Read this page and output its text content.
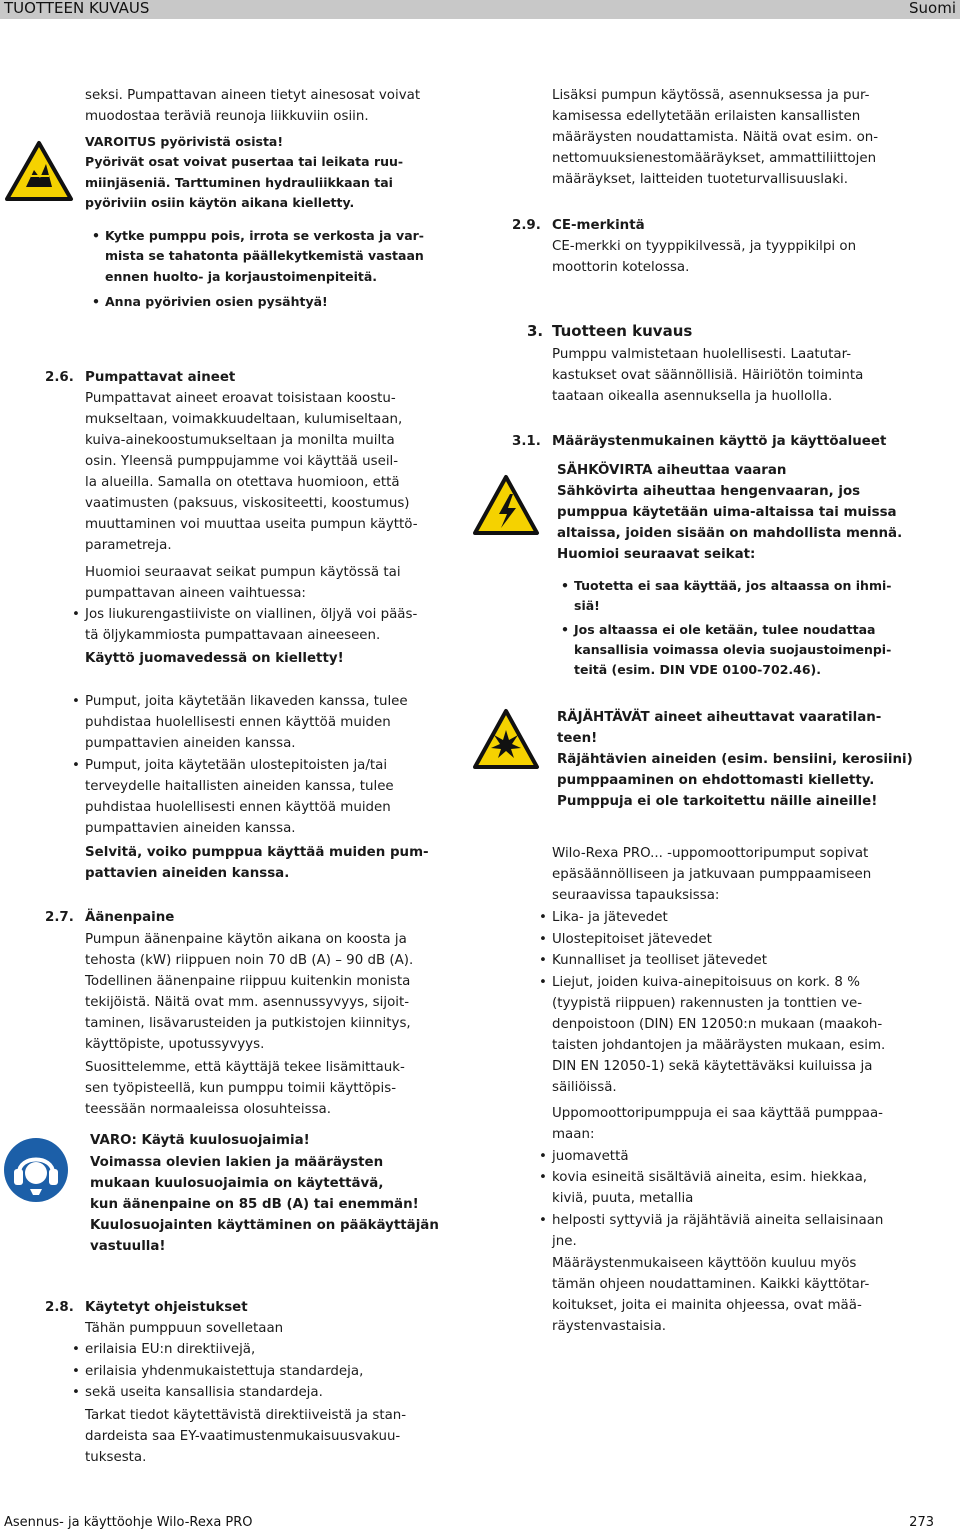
TUOTTEEN KUVAUS	Suomi
Asennus- ja käyttöohje Wilo-Rexa PRO	273
seksi. Pumpattavan aineen tietyt ainesosat voivat
muodostaa teräviä reunoja liikkuviin osiin.
VAROITUS pyörivistä osista!
Pyörivät osat voivat pusertaa tai leikata ruu-
miinjäseniä. Tarttuminen hydrauliikkaan tai
pyöriviin osiin käytön aikana kielletty.
• Kytke pumppu pois, irrota se verkosta ja var-
mista se tahatonta päällekytkemistä vastaan
ennen huolto- ja korjaustoimenpiteitä.
• Anna pyörivien osien pysähtyä!
2.6. Pumpattavat aineet
Pumpattavat aineet eroavat toisistaan koostu-
mukseltaan, voimakkuudeltaan, kulumiseltaan,
kuiva-ainekoostumukseltaan ja monilta muilta
osin. Yleensä pumppujamme voi käyttää useil-
la alueilla. Samalla on otettava huomioon, että
vaatimusten (paksuus, viskositeetti, koostumus)
muuttaminen voi muuttaa useita pumpun käyttö-
parametreja.
Huomioi seuraavat seikat pumpun käytössä tai
pumpattavan aineen vaihtuessa:
• Jos liukurengastiiviste on viallinen, öljyä voi pääs-
tä öljykammiosta pumpattavaan aineeseen.
Käyttö juomavedessä on kielletty!
• Pumput, joita käytetään likaveden kanssa, tulee
puhdistaa huolellisesti ennen käyttöä muiden
pumpattavien aineiden kanssa.
• Pumput, joita käytetään ulostepitoisten ja/tai
terveydelle haitallisten aineiden kanssa, tulee
puhdistaa huolellisesti ennen käyttöä muiden
pumpattavien aineiden kanssa.
Selvitä, voiko pumppua käyttää muiden pum-
pattavien aineiden kanssa.
2.7. Äänenpaine
Pumpun äänenpaine käytön aikana on koosta ja
tehosta (kW) riippuen noin 70 dB (A) – 90 dB (A).
Todellinen äänenpaine riippuu kuitenkin monista
tekijöistä. Näitä ovat mm. asennussyvyys, sijoit-
taminen, lisävarusteiden ja putkistojen kiinnitys,
käyttöpiste, upotussyvyys.
Suosittelemme, että käyttäjä tekee lisämittauk-
sen työpisteellä, kun pumppu toimii käyttöpis-
teessään normaaleissa olosuhteissa.
VARO: Käytä kuulosuojaimia!
Voimassa olevien lakien ja määräysten
mukaan kuulosuojaimia on käytettävä,
kun äänenpaine on 85 dB (A) tai enemmän!
Kuulosuojainten käyttäminen on pääkäyttäjän
vastuulla!
2.8. Käytetyt ohjeistukset
Tähän pumppuun sovelletaan
• erilaisia EU:n direktiivejä,
• erilaisia yhdenmukaistettuja standardeja,
• sekä useita kansallisia standardeja.
Tarkat tiedot käytettävistä direktiiveistä ja stan-
dardeista saa EY-vaatimustenmukaisuusvakuu-
tuksesta.
Lisäksi pumpun käytössä, asennuksessa ja pur-
kamisessa edellytetään erilaisten kansallisten
määräysten noudattamista. Näitä ovat esim. on-
nettomuuksienestomääräykset, ammattiliittojen
määräykset, laitteiden tuoteturvallisuuslaki.
2.9. CE-merkintä
CE-merkki on tyyppikilvessä, ja tyyppikilpi on
moottorin kotelossa.
3. Tuotteen kuvaus
Pumppu valmistetaan huolellisesti. Laatutar-
kastukset ovat säännöllisiä. Häiriötön toiminta
taataan oikealla asennuksella ja huollolla.
3.1. Määräystenmukainen käyttö ja käyttöalueet
SÄHKÖVIRTA aiheuttaa vaaran
Sähkövirta aiheuttaa hengenvaaran, jos
pumppua käytetään uima-altaissa tai muissa
altaissa, joiden sisään on mahdollista mennä.
Huomioi seuraavat seikat:
• Tuotetta ei saa käyttää, jos altaassa on ihmi-
siä!
• Jos altaassa ei ole ketään, tulee noudattaa
kansallisia voimassa olevia suojaustoimenpi-
teitä (esim. DIN VDE 0100-702.46).
RÄJÄHTÄVÄT aineet aiheuttavat vaaratilan-
teen!
Räjähtävien aineiden (esim. bensiini, kerosiini)
pumppaaminen on ehdottomasti kielletty.
Pumppuja ei ole tarkoitettu näille aineille!
Wilo-Rexa PRO... -uppomoottoripumput sopivat
epäsäännölliseen ja jatkuvaan pumppaamiseen
seuraavissa tapauksissa:
• Lika- ja jätevedet
• Ulostepitoiset jätevedet
• Kunnalliset ja teolliset jätevedet
• Liejut, joiden kuiva-ainepitoisuus on kork. 8 %
(tyypistä riippuen) rakennusten ja tonttien ve-
denpoistoon (DIN) EN 12050:n mukaan (maakoh-
taisten johdantojen ja määräysten mukaan, esim.
DIN EN 12050-1) sekä käytettäväksi kuiluissa ja
säiliöissä.
Uppomoottoripumppuja ei saa käyttää pumppaa-
maan:
• juomavettä
• kovia esineitä sisältäviä aineita, esim. hiekkaa,
kiviä, puuta, metallia
• helposti syttyviä ja räjähtäviä aineita sellaisinaan
jne.
Määräystenmukaiseen käyttöön kuuluu myös
tämän ohjeen noudattaminen. Kaikki käyttötar-
koitukset, joita ei mainita ohjeessa, ovat mää-
räystenvastaisia.
